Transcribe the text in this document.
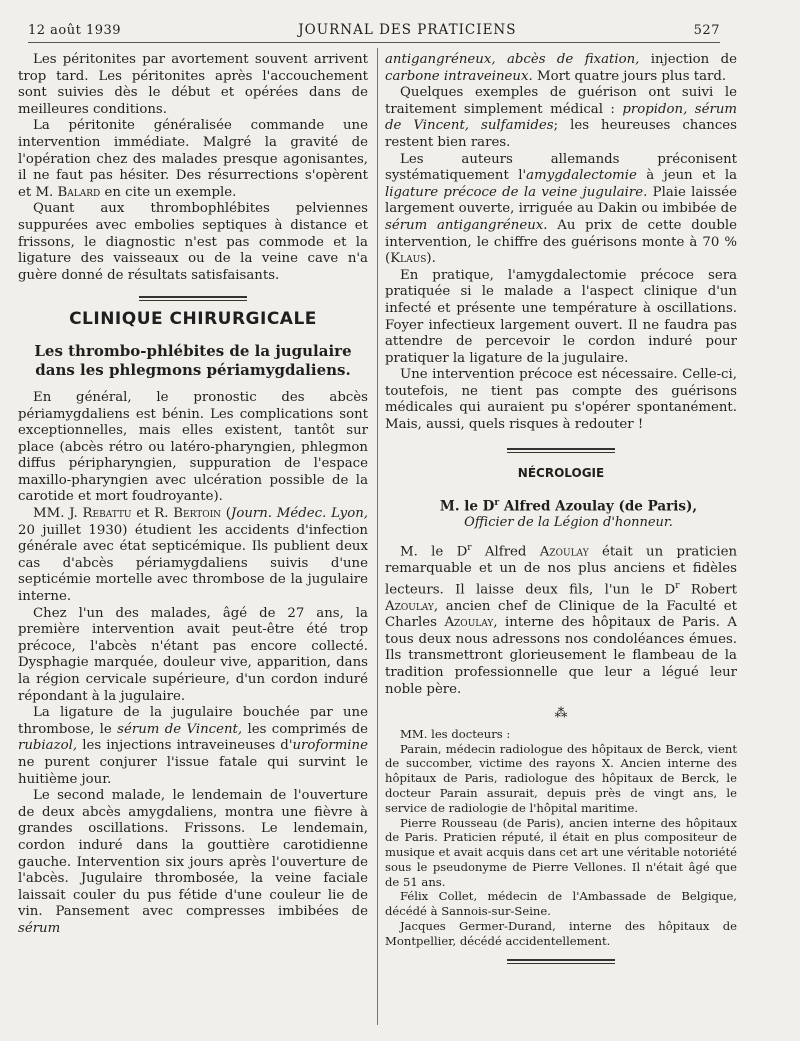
12 août 1939	JOURNAL DES PRATICIENS	527

Les péritonites par avortement souvent arrivent trop tard. Les péritonites après l'accouchement sont suivies dès le début et opérées dans de meilleures conditions.

La péritonite généralisée commande une intervention immédiate. Malgré la gravité de l'opération chez des malades presque agonisantes, il ne faut pas hésiter. Des résurrections s'opèrent et M. Balard en cite un exemple.

Quant aux thrombophlébites pelviennes suppurées avec embolies septiques à distance et frissons, le diagnostic n'est pas commode et la ligature des vaisseaux ou de la veine cave n'a guère donné de résultats satisfaisants.

CLINIQUE CHIRURGICALE
Les thrombo-phlébites de la jugulaire dans les phlegmons périamygdaliens.

En général, le pronostic des abcès périamygdaliens est bénin. Les complications sont exceptionnelles, mais elles existent, tantôt sur place (abcès rétro ou latéro-pharyngien, phlegmon diffus péripharyngien, suppuration de l'espace maxillo-pharyngien avec ulcération possible de la carotide et mort foudroyante).

MM. J. Rebattu et R. Bertoin (Journ. Médec. Lyon, 20 juillet 1930) étudient les accidents d'infection générale avec état septicémique. Ils publient deux cas d'abcès périamygdaliens suivis d'une septicémie mortelle avec thrombose de la jugulaire interne.

Chez l'un des malades, âgé de 27 ans, la première intervention avait peut-être été trop précoce, l'abcès n'étant pas encore collecté. Dysphagie marquée, douleur vive, apparition, dans la région cervicale supérieure, d'un cordon induré répondant à la jugulaire.

La ligature de la jugulaire bouchée par une thrombose, le sérum de Vincent, les comprimés de rubiazol, les injections intraveineuses d'uroformine ne purent conjurer l'issue fatale qui survint le huitième jour.

Le second malade, le lendemain de l'ouverture de deux abcès amygdaliens, montra une fièvre à grandes oscillations. Frissons. Le lendemain, cordon induré dans la gouttière carotidienne gauche. Intervention six jours après l'ouverture de l'abcès. Jugulaire thrombosée, la veine faciale laissait couler du pus fétide d'une couleur lie de vin. Pansement avec compresses imbibées de sérum

antigangréneux, abcès de fixation, injection de carbone intraveineux. Mort quatre jours plus tard.

Quelques exemples de guérison ont suivi le traitement simplement médical : propidon, sérum de Vincent, sulfamides; les heureuses chances restent bien rares.

Les auteurs allemands préconisent systématiquement l'amygdalectomie à jeun et la ligature précoce de la veine jugulaire. Plaie laissée largement ouverte, irriguée au Dakin ou imbibée de sérum antigangréneux. Au prix de cette double intervention, le chiffre des guérisons monte à 70 % (Klaus).

En pratique, l'amygdalectomie précoce sera pratiquée si le malade a l'aspect clinique d'un infecté et présente une température à oscillations. Foyer infectieux largement ouvert. Il ne faudra pas attendre de percevoir le cordon induré pour pratiquer la ligature de la jugulaire.

Une intervention précoce est nécessaire. Celle-ci, toutefois, ne tient pas compte des guérisons médicales qui auraient pu s'opérer spontanément. Mais, aussi, quels risques à redouter !

NÉCROLOGIE

M. le $D^r$ Alfred Azoulay (de Paris),

Officier de la Légion d'honneur.

M. le $D^r$ Alfred Azoulay était un praticien remarquable et un de nos plus anciens et fidèles lecteurs. Il laisse deux fils, l'un le $D^r$ Robert Azoulay, ancien chef de Clinique de la Faculté et Charles Azoulay, interne des hôpitaux de Paris. A tous deux nous adressons nos condoléances émues. Ils transmettront glorieusement le flambeau de la tradition professionnelle que leur a légué leur noble père.

⁂

MM. les docteurs :

Parain, médecin radiologue des hôpitaux de Berck, vient de succomber, victime des rayons X. Ancien interne des hôpitaux de Paris, radiologue des hôpitaux de Berck, le docteur Parain assurait, depuis près de vingt ans, le service de radiologie de l'hôpital maritime.

Pierre Rousseau (de Paris), ancien interne des hôpitaux de Paris. Praticien réputé, il était en plus compositeur de musique et avait acquis dans cet art une véritable notoriété sous le pseudonyme de Pierre Vellones. Il n'était âgé que de 51 ans.

Félix Collet, médecin de l'Ambassade de Belgique, décédé à Sannois-sur-Seine.

Jacques Germer-Durand, interne des hôpitaux de Montpellier, décédé accidentellement.
